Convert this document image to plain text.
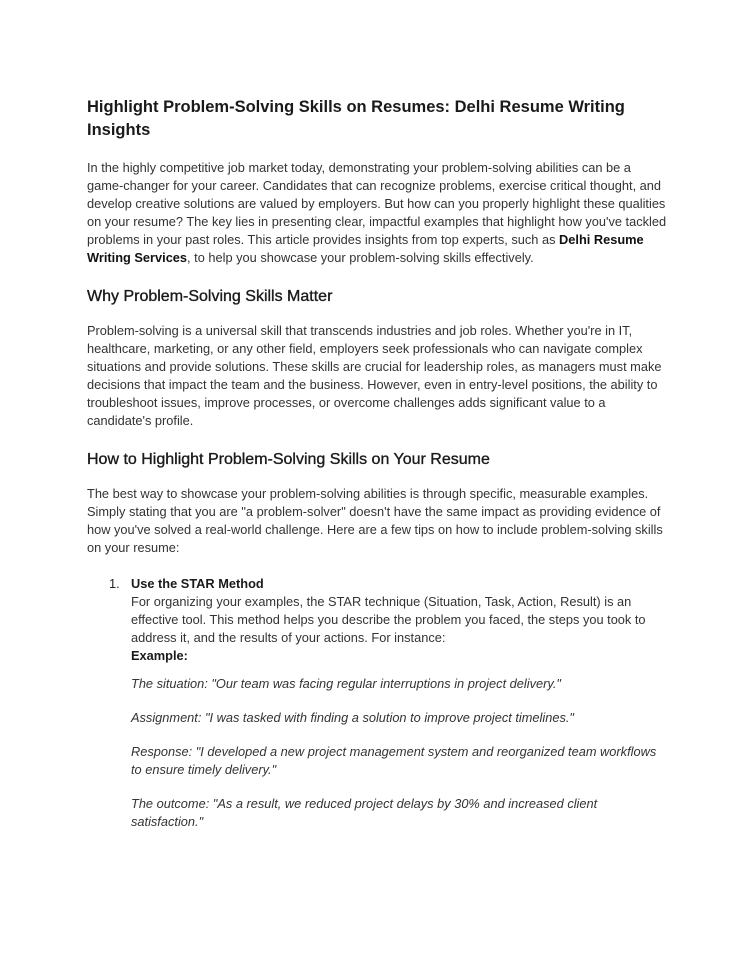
Highlight Problem-Solving Skills on Resumes: Delhi Resume Writing Insights

In the highly competitive job market today, demonstrating your problem-solving abilities can be a game-changer for your career. Candidates that can recognize problems, exercise critical thought, and develop creative solutions are valued by employers. But how can you properly highlight these qualities on your resume? The key lies in presenting clear, impactful examples that highlight how you've tackled problems in your past roles. This article provides insights from top experts, such as Delhi Resume Writing Services, to help you showcase your problem-solving skills effectively.

Why Problem-Solving Skills Matter

Problem-solving is a universal skill that transcends industries and job roles. Whether you're in IT, healthcare, marketing, or any other field, employers seek professionals who can navigate complex situations and provide solutions. These skills are crucial for leadership roles, as managers must make decisions that impact the team and the business. However, even in entry-level positions, the ability to troubleshoot issues, improve processes, or overcome challenges adds significant value to a candidate's profile.

How to Highlight Problem-Solving Skills on Your Resume

The best way to showcase your problem-solving abilities is through specific, measurable examples. Simply stating that you are "a problem-solver" doesn't have the same impact as providing evidence of how you've solved a real-world challenge. Here are a few tips on how to include problem-solving skills on your resume:

1. Use the STAR Method
For organizing your examples, the STAR technique (Situation, Task, Action, Result) is an effective tool. This method helps you describe the problem you faced, the steps you took to address it, and the results of your actions. For instance:
Example:

The situation: "Our team was facing regular interruptions in project delivery."

Assignment: "I was tasked with finding a solution to improve project timelines."

Response: "I developed a new project management system and reorganized team workflows to ensure timely delivery."

The outcome: "As a result, we reduced project delays by 30% and increased client satisfaction."
